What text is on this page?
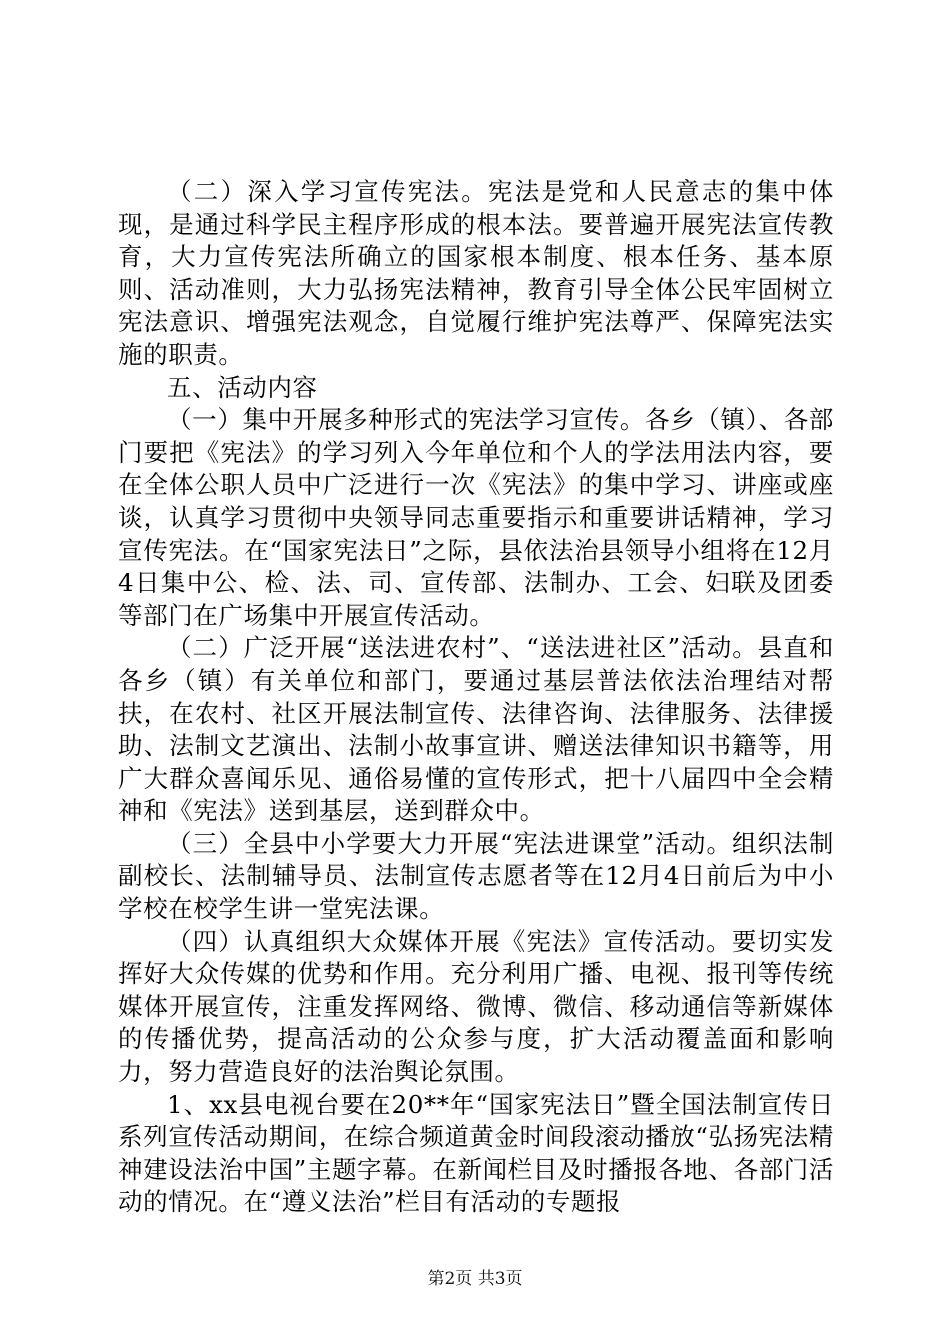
（二）深入学习宣传宪法。宪法是党和人民意志的集中体现，是通过科学民主程序形成的根本法。要普遍开展宪法宣传教育，大力宣传宪法所确立的国家根本制度、根本任务、基本原则、活动准则，大力弘扬宪法精神，教育引导全体公民牢固树立宪法意识、增强宪法观念，自觉履行维护宪法尊严、保障宪法实施的职责。

五、活动内容

（一）集中开展多种形式的宪法学习宣传。各乡（镇）、各部门要把《宪法》的学习列入今年单位和个人的学法用法内容，要在全体公职人员中广泛进行一次《宪法》的集中学习、讲座或座谈，认真学习贯彻中央领导同志重要指示和重要讲话精神，学习宣传宪法。在“国家宪法日”之际，县依法治县领导小组将在12月4日集中公、检、法、司、宣传部、法制办、工会、妇联及团委等部门在广场集中开展宣传活动。

（二）广泛开展“送法进农村”、“送法进社区”活动。县直和各乡（镇）有关单位和部门，要通过基层普法依法治理结对帮扶，在农村、社区开展法制宣传、法律咨询、法律服务、法律援助、法制文艺演出、法制小故事宣讲、赠送法律知识书籍等，用广大群众喜闻乐见、通俗易懂的宣传形式，把十八届四中全会精神和《宪法》送到基层，送到群众中。

（三）全县中小学要大力开展“宪法进课堂”活动。组织法制副校长、法制辅导员、法制宣传志愿者等在12月4日前后为中小学校在校学生讲一堂宪法课。

（四）认真组织大众媒体开展《宪法》宣传活动。要切实发挥好大众传媒的优势和作用。充分利用广播、电视、报刊等传统媒体开展宣传，注重发挥网络、微博、微信、移动通信等新媒体的传播优势，提高活动的公众参与度，扩大活动覆盖面和影响力，努力营造良好的法治舆论氛围。

1、xx县电视台要在20**年“国家宪法日”暨全国法制宣传日系列宣传活动期间，在综合频道黄金时间段滚动播放“弘扬宪法精神建设法治中国”主题字幕。在新闻栏目及时播报各地、各部门活动的情况。在“遵义法治”栏目有活动的专题报

第2页 共3页
